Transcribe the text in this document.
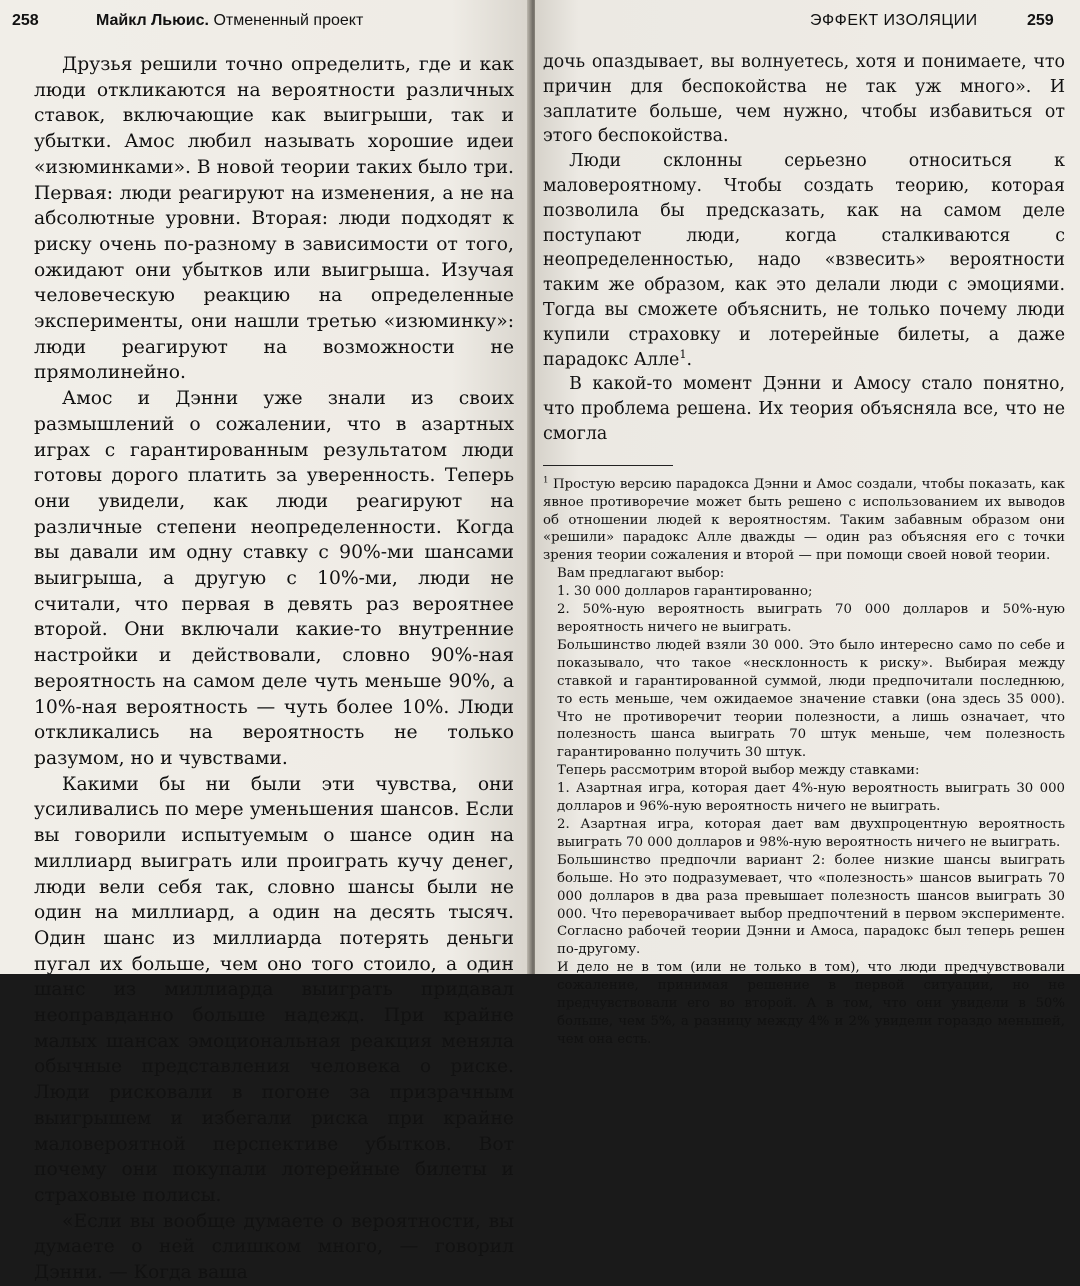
258	Майкл Льюис. Отмененный проект

Друзья решили точно определить, где и как люди откликаются на вероятности различных ставок, включающие как выигрыши, так и убытки. Амос любил называть хорошие идеи «изюминками». В новой теории таких было три. Первая: люди реагируют на изменения, а не на абсолютные уровни. Вторая: люди подходят к риску очень по-разному в зависимости от того, ожидают они убытков или выигрыша. Изучая человеческую реакцию на определенные эксперименты, они нашли третью «изюминку»: люди реагируют на возможности не прямолинейно.

Амос и Дэнни уже знали из своих размышлений о сожалении, что в азартных играх с гарантированным результатом люди готовы дорого платить за уверенность. Теперь они увидели, как люди реагируют на различные степени неопределенности. Когда вы давали им одну ставку с 90%-ми шансами выигрыша, а другую с 10%-ми, люди не считали, что первая в девять раз вероятнее второй. Они включали какие-то внутренние настройки и действовали, словно 90%-ная вероятность на самом деле чуть меньше 90%, а 10%-ная вероятность — чуть более 10%. Люди откликались на вероятность не только разумом, но и чувствами.

Какими бы ни были эти чувства, они усиливались по мере уменьшения шансов. Если вы говорили испытуемым о шансе один на миллиард выиграть или проиграть кучу денег, люди вели себя так, словно шансы были не один на миллиард, а один на десять тысяч. Один шанс из миллиарда потерять деньги пугал их больше, чем оно того стоило, а один шанс из миллиарда выиграть придавал неоправданно больше надежд. При крайне малых шансах эмоциональная реакция меняла обычные представления человека о риске. Люди рисковали в погоне за призрачным выигрышем и избегали риска при крайне маловероятной перспективе убытков. Вот почему они покупали лотерейные билеты и страховые полисы.

«Если вы вообще думаете о вероятности, вы думаете о ней слишком много, — говорил Дэнни. — Когда ваша

ЭФФЕКТ ИЗОЛЯЦИИ	259

дочь опаздывает, вы волнуетесь, хотя и понимаете, что причин для беспокойства не так уж много». И заплатите больше, чем нужно, чтобы избавиться от этого беспокойства.

Люди склонны серьезно относиться к маловероятному. Чтобы создать теорию, которая позволила бы предсказать, как на самом деле поступают люди, когда сталкиваются с неопределенностью, надо «взвесить» вероятности таким же образом, как это делали люди с эмоциями. Тогда вы сможете объяснить, не только почему люди купили страховку и лотерейные билеты, а даже парадокс Алле$^1$.

В какой-то момент Дэнни и Амосу стало понятно, что проблема решена. Их теория объясняла все, что не смогла

$^1$ Простую версию парадокса Дэнни и Амос создали, чтобы показать, как явное противоречие может быть решено с использованием их выводов об отношении людей к вероятностям. Таким забавным образом они «решили» парадокс Алле дважды — один раз объясняя его с точки зрения теории сожаления и второй — при помощи своей новой теории.

Вам предлагают выбор:

1. 30 000 долларов гарантированно;

2. 50%-ную вероятность выиграть 70 000 долларов и 50%-ную вероятность ничего не выиграть.

Большинство людей взяли 30 000. Это было интересно само по себе и показывало, что такое «несклонность к риску». Выбирая между ставкой и гарантированной суммой, люди предпочитали последнюю, то есть меньше, чем ожидаемое значение ставки (она здесь 35 000). Что не противоречит теории полезности, а лишь означает, что полезность шанса выиграть 70 штук меньше, чем полезность гарантированно получить 30 штук.

Теперь рассмотрим второй выбор между ставками:

1. Азартная игра, которая дает 4%-ную вероятность выиграть 30 000 долларов и 96%-ную вероятность ничего не выиграть.

2. Азартная игра, которая дает вам двухпроцентную вероятность выиграть 70 000 долларов и 98%-ную вероятность ничего не выиграть.

Большинство предпочли вариант 2: более низкие шансы выиграть больше. Но это подразумевает, что «полезность» шансов выиграть 70 000 долларов в два раза превышает полезность шансов выиграть 30 000. Что переворачивает выбор предпочтений в первом эксперименте. Согласно рабочей теории Дэнни и Амоса, парадокс был теперь решен по-другому.

И дело не в том (или не только в том), что люди предчувствовали сожаление, принимая решение в первой ситуации, но не предчувствовали его во второй. А в том, что они увидели в 50% больше, чем 5%, а разницу между 4% и 2% увидели гораздо меньшей, чем она есть.
